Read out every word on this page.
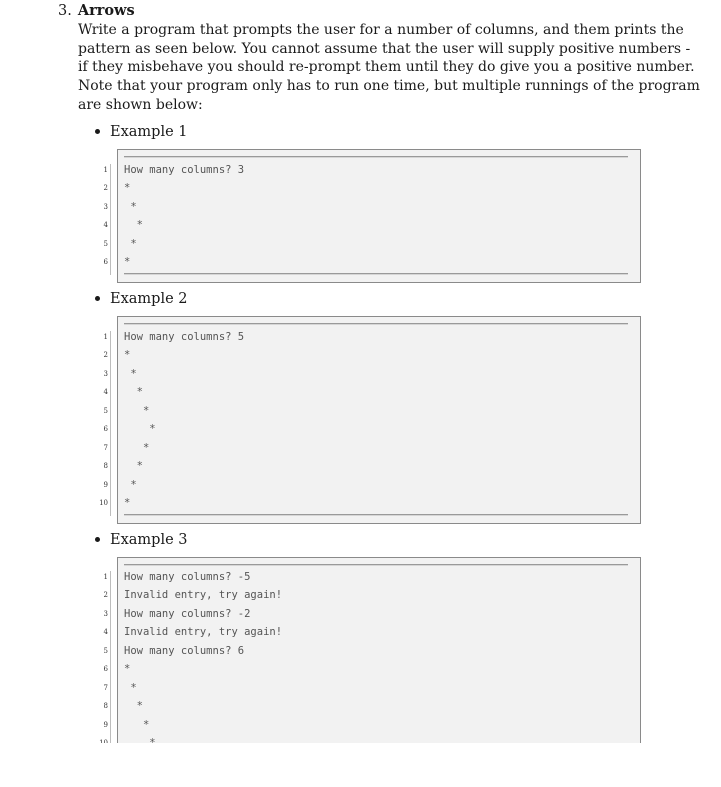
3. Arrows
Write a program that prompts the user for a number of columns, and them prints the
pattern as seen below. You cannot assume that the user will supply positive numbers -
if they misbehave you should re-prompt them until they do give you a positive number.
Note that your program only has to run one time, but multiple runnings of the program
are shown below:
Example 1
Example 2
Example 3
1 How many columns? 3
2 *
3 *
4 *
5 *
6 *
1 How many columns? 5
2 *
3 *
4 *
5 *
6 *
7 *
8 *
9 *
10 *
1 How many columns? -5
2 Invalid entry, try again!
3 How many columns? -2
4 Invalid entry, try again!
5 How many columns? 6
6 *
7 *
8 *
9 *
